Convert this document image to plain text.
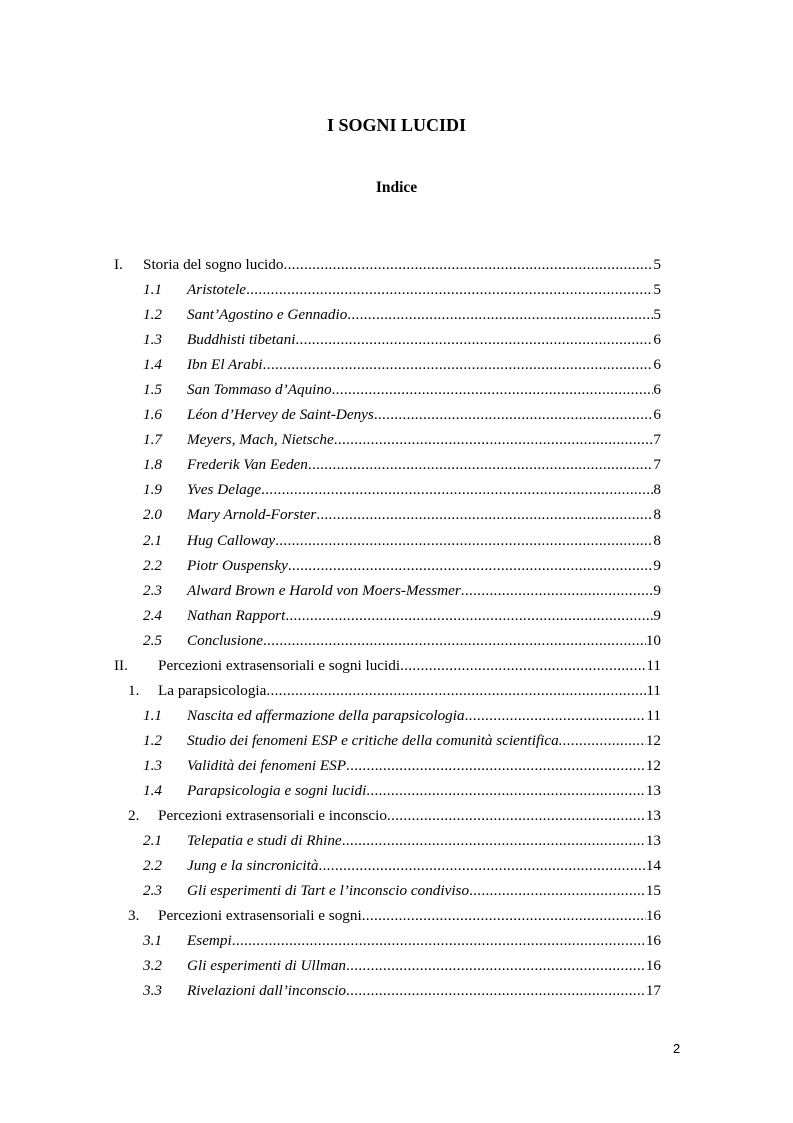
I SOGNI LUCIDI
Indice
I. Storia del sogno lucido .....	5
1.1 Aristotele .....	5
1.2 Sant’Agostino e Gennadio .....	5
1.3 Buddhisti tibetani .....	6
1.4 Ibn El Arabi .....	6
1.5 San Tommaso d’Aquino .....	6
1.6 Léon d’Hervey de Saint-Denys .....	6
1.7 Meyers, Mach, Nietsche .....	7
1.8 Frederik Van Eeden .....	7
1.9 Yves Delage .....	8
2.0 Mary Arnold-Forster .....	8
2.1 Hug Calloway .....	8
2.2 Piotr Ouspensky .....	9
2.3 Alward Brown e Harold von Moers-Messmer .....	9
2.4 Nathan Rapport .....	9
2.5 Conclusione .....	10
II. Percezioni extrasensoriali e sogni lucidi .....	11
1. La parapsicologia .....	11
1.1 Nascita ed affermazione della parapsicologia .....	11
1.2 Studio dei fenomeni ESP e critiche della comunità scientifica. .....	12
1.3 Validità dei fenomeni ESP .....	12
1.4 Parapsicologia e sogni lucidi .....	13
2. Percezioni extrasensoriali e inconscio .....	13
2.1 Telepatia e studi di Rhine .....	13
2.2 Jung e la sincronicità .....	14
2.3 Gli esperimenti di Tart e l’inconscio condiviso .....	15
3. Percezioni extrasensoriali e sogni .....	16
3.1 Esempi .....	16
3.2 Gli esperimenti di Ullman .....	16
3.3 Rivelazioni dall’inconscio .....	17
2
